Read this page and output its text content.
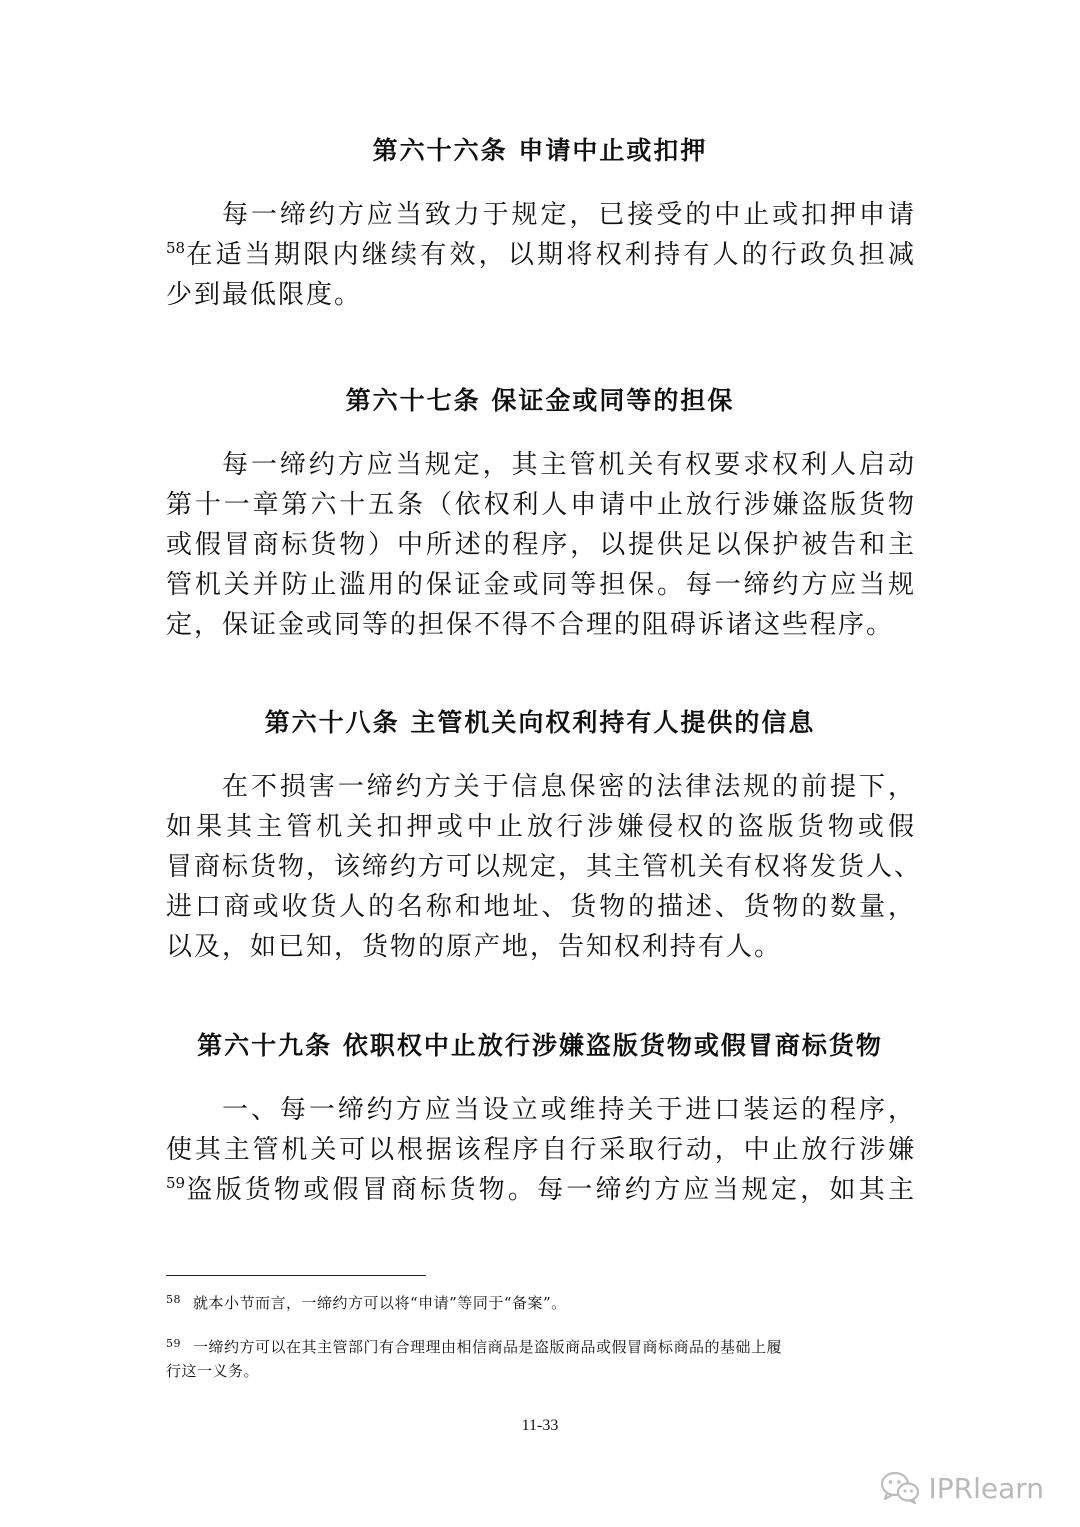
第六十六条 申请中止或扣押
每一缔约方应当致力于规定，已接受的中止或扣押申请
$^{58}$在适当期限内继续有效，以期将权利持有人的行政负担减
少到最低限度。
第六十七条 保证金或同等的担保
每一缔约方应当规定，其主管机关有权要求权利人启动
第十一章第六十五条（依权利人申请中止放行涉嫌盗版货物
或假冒商标货物）中所述的程序，以提供足以保护被告和主
管机关并防止滥用的保证金或同等担保。每一缔约方应当规
定，保证金或同等的担保不得不合理的阻碍诉诸这些程序。
第六十八条 主管机关向权利持有人提供的信息
在不损害一缔约方关于信息保密的法律法规的前提下，
如果其主管机关扣押或中止放行涉嫌侵权的盗版货物或假
冒商标货物，该缔约方可以规定，其主管机关有权将发货人、
进口商或收货人的名称和地址、货物的描述、货物的数量，
以及，如已知，货物的原产地，告知权利持有人。
第六十九条 依职权中止放行涉嫌盗版货物或假冒商标货物
一、每一缔约方应当设立或维持关于进口装运的程序，
使其主管机关可以根据该程序自行采取行动，中止放行涉嫌
$^{59}$盗版货物或假冒商标货物。每一缔约方应当规定，如其主
$^{58}$ 就本小节而言，一缔约方可以将“申请”等同于“备案”。
$^{59}$ 一缔约方可以在其主管部门有合理理由相信商品是盗版商品或假冒商标商品的基础上履
行这一义务。
11-33
IPRlearn
